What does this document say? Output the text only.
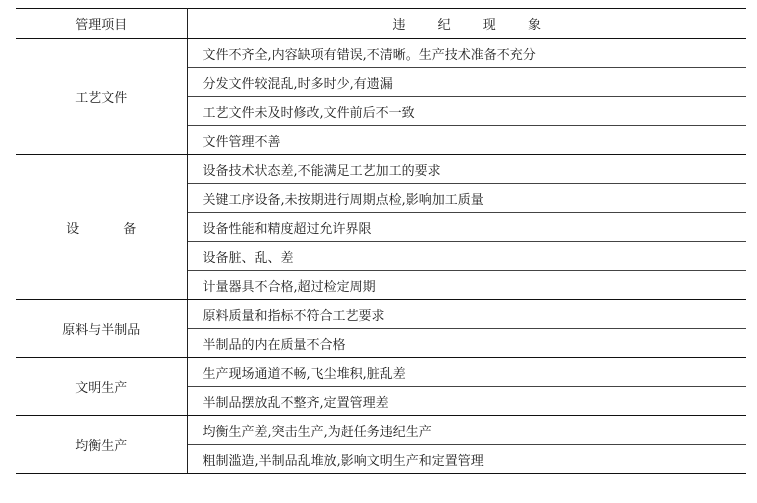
管理项目	违 纪 现 象
工艺文件	文件不齐全,内容缺项有错误,不清晰。生产技术准备不充分
	分发文件较混乱,时多时少,有遗漏
	工艺文件未及时修改,文件前后不一致
	文件管理不善
设 备	设备技术状态差,不能满足工艺加工的要求
	关键工序设备,未按期进行周期点检,影响加工质量
	设备性能和精度超过允许界限
	设备脏、乱、差
	计量器具不合格,超过检定周期
原料与半制品	原料质量和指标不符合工艺要求
	半制品的内在质量不合格
文明生产	生产现场通道不畅,飞尘堆积,脏乱差
	半制品摆放乱不整齐,定置管理差
均衡生产	均衡生产差,突击生产,为赶任务违纪生产
	粗制滥造,半制品乱堆放,影响文明生产和定置管理
